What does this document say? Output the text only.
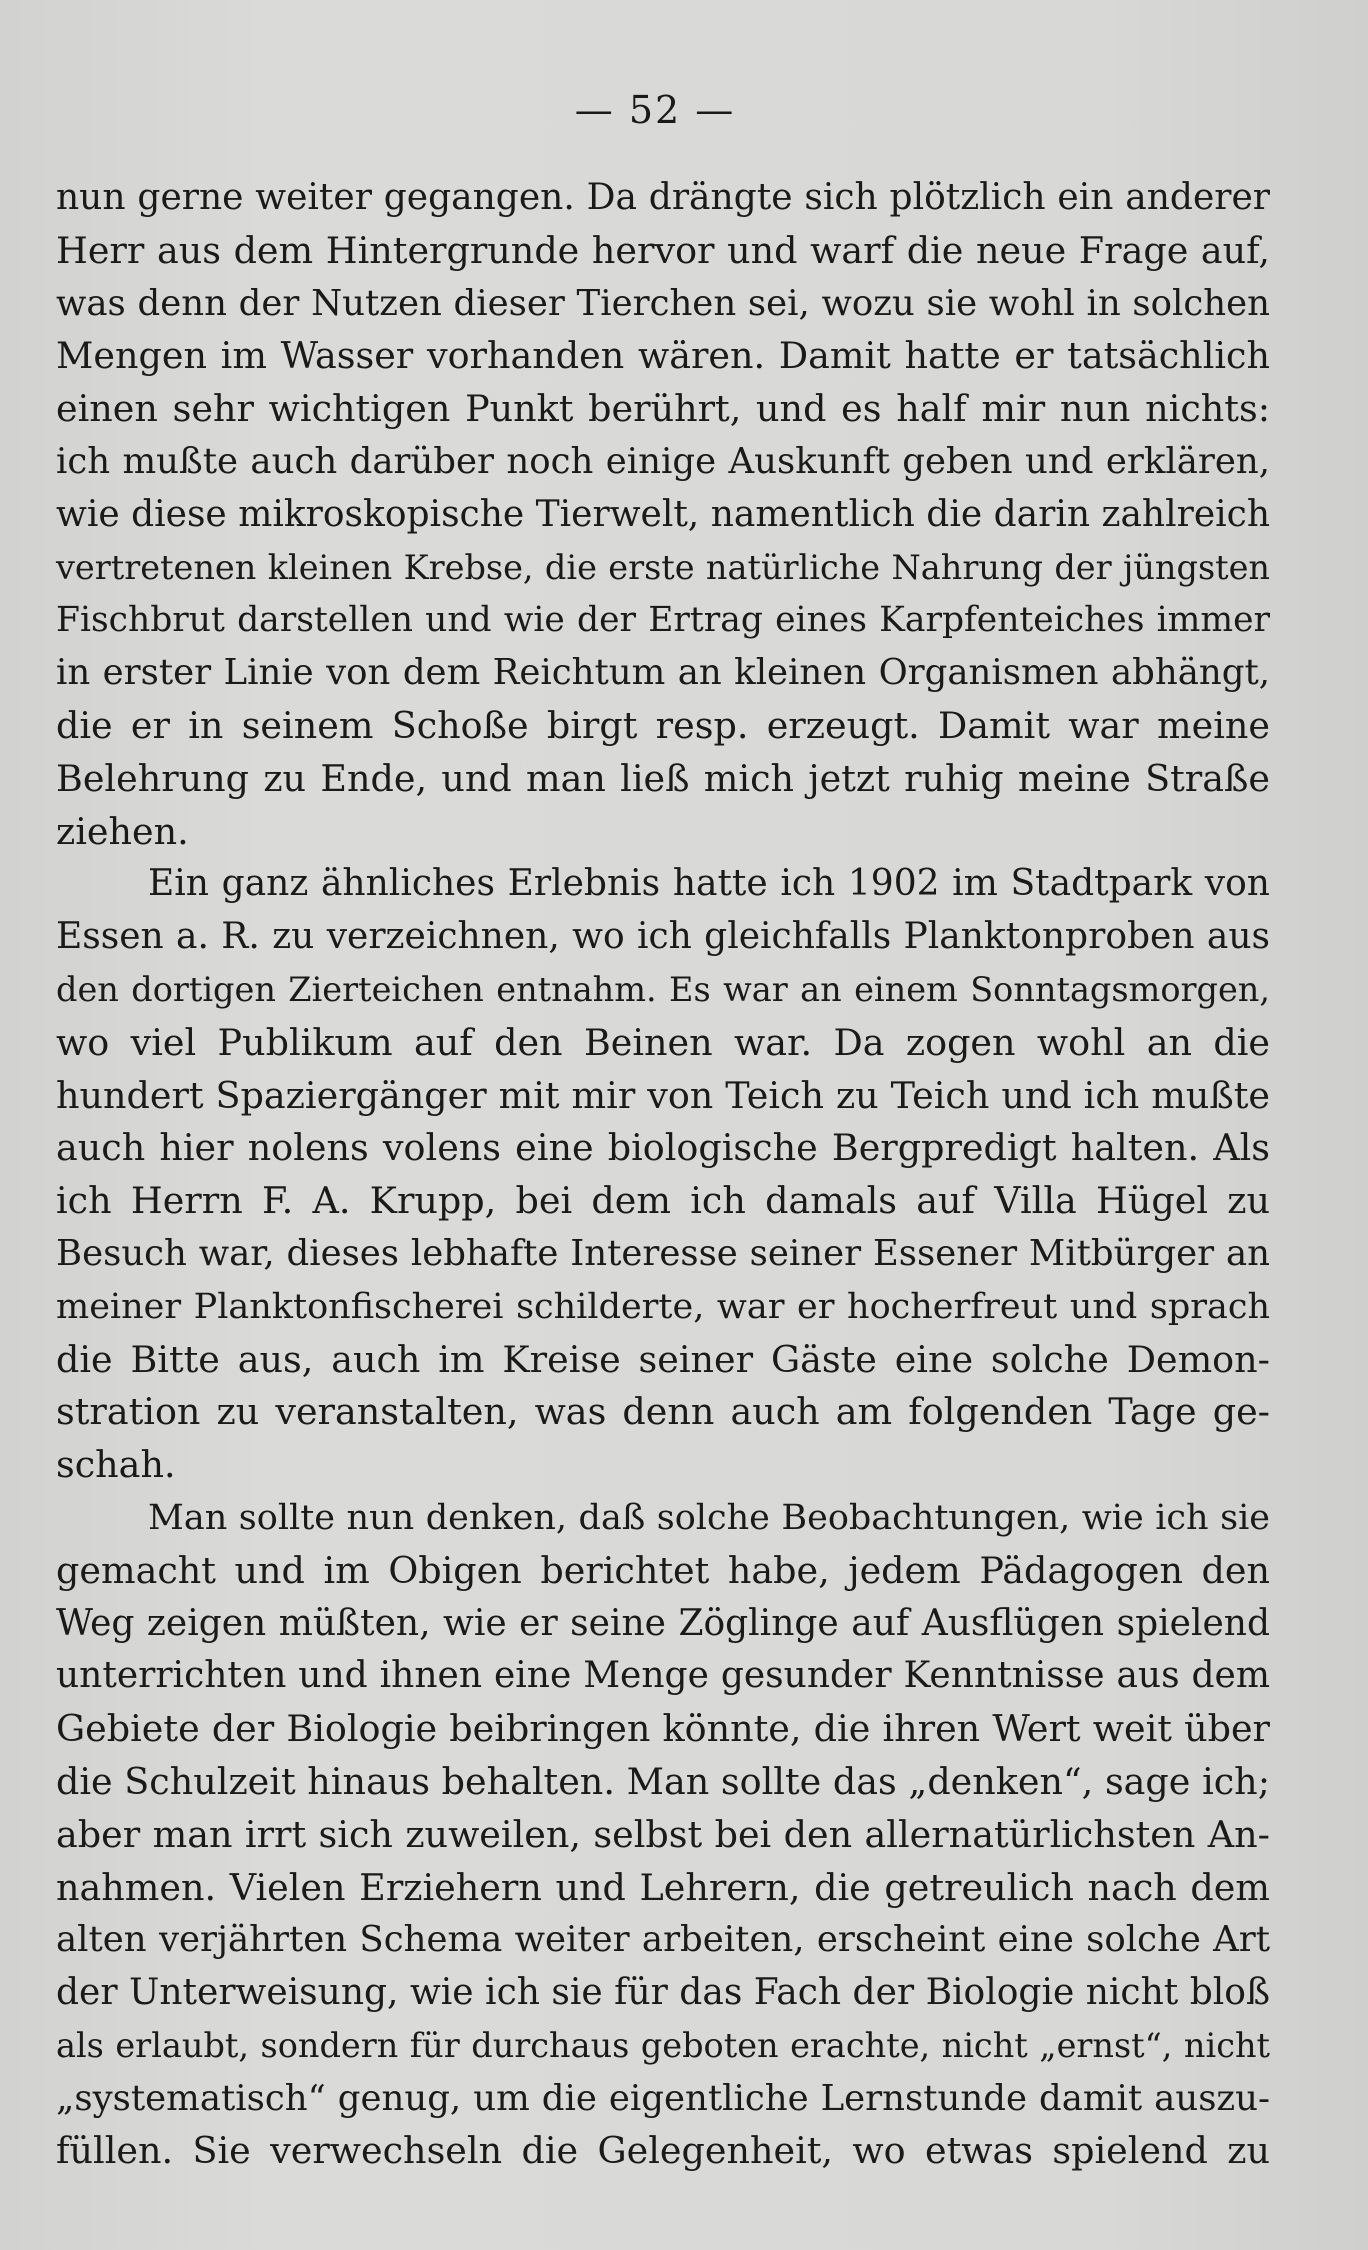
— 52 —
nun gerne weiter gegangen. Da drängte sich plötzlich ein anderer
Herr aus dem Hintergrunde hervor und warf die neue Frage auf,
was denn der Nutzen dieser Tierchen sei, wozu sie wohl in solchen
Mengen im Wasser vorhanden wären. Damit hatte er tatsächlich
einen sehr wichtigen Punkt berührt, und es half mir nun nichts:
ich mußte auch darüber noch einige Auskunft geben und erklären,
wie diese mikroskopische Tierwelt, namentlich die darin zahlreich
vertretenen kleinen Krebse, die erste natürliche Nahrung der jüngsten
Fischbrut darstellen und wie der Ertrag eines Karpfenteiches immer
in erster Linie von dem Reichtum an kleinen Organismen abhängt,
die er in seinem Schoße birgt resp. erzeugt. Damit war meine
Belehrung zu Ende, und man ließ mich jetzt ruhig meine Straße
ziehen.
Ein ganz ähnliches Erlebnis hatte ich 1902 im Stadtpark von
Essen a. R. zu verzeichnen, wo ich gleichfalls Planktonproben aus
den dortigen Zierteichen entnahm. Es war an einem Sonntagsmorgen,
wo viel Publikum auf den Beinen war. Da zogen wohl an die
hundert Spaziergänger mit mir von Teich zu Teich und ich mußte
auch hier nolens volens eine biologische Bergpredigt halten. Als
ich Herrn F. A. Krupp, bei dem ich damals auf Villa Hügel zu
Besuch war, dieses lebhafte Interesse seiner Essener Mitbürger an
meiner Planktonfischerei schilderte, war er hocherfreut und sprach
die Bitte aus, auch im Kreise seiner Gäste eine solche Demon-
stration zu veranstalten, was denn auch am folgenden Tage ge-
schah.
Man sollte nun denken, daß solche Beobachtungen, wie ich sie
gemacht und im Obigen berichtet habe, jedem Pädagogen den
Weg zeigen müßten, wie er seine Zöglinge auf Ausflügen spielend
unterrichten und ihnen eine Menge gesunder Kenntnisse aus dem
Gebiete der Biologie beibringen könnte, die ihren Wert weit über
die Schulzeit hinaus behalten. Man sollte das „denken“, sage ich;
aber man irrt sich zuweilen, selbst bei den allernatürlichsten An-
nahmen. Vielen Erziehern und Lehrern, die getreulich nach dem
alten verjährten Schema weiter arbeiten, erscheint eine solche Art
der Unterweisung, wie ich sie für das Fach der Biologie nicht bloß
als erlaubt, sondern für durchaus geboten erachte, nicht „ernst“, nicht
„systematisch“ genug, um die eigentliche Lernstunde damit auszu-
füllen. Sie verwechseln die Gelegenheit, wo etwas spielend zu
